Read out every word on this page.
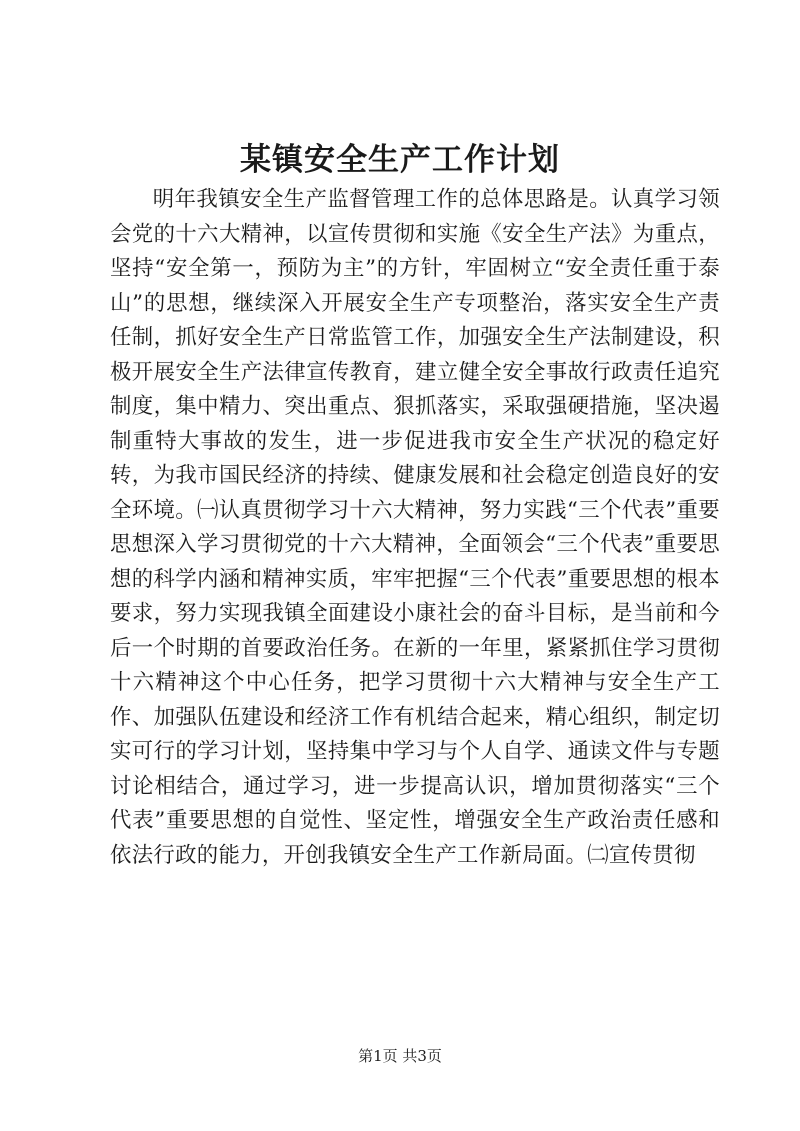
某镇安全生产工作计划

明年我镇安全生产监督管理工作的总体思路是。认真学习领会党的十六大精神，以宣传贯彻和实施《安全生产法》为重点，坚持“安全第一，预防为主”的方针，牢固树立“安全责任重于泰山”的思想，继续深入开展安全生产专项整治，落实安全生产责任制，抓好安全生产日常监管工作，加强安全生产法制建设，积极开展安全生产法律宣传教育，建立健全安全事故行政责任追究制度，集中精力、突出重点、狠抓落实，采取强硬措施，坚决遏制重特大事故的发生，进一步促进我市安全生产状况的稳定好转，为我市国民经济的持续、健康发展和社会稳定创造良好的安全环境。㈠认真贯彻学习十六大精神，努力实践“三个代表”重要思想深入学习贯彻党的十六大精神，全面领会“三个代表”重要思想的科学内涵和精神实质，牢牢把握“三个代表”重要思想的根本要求，努力实现我镇全面建设小康社会的奋斗目标，是当前和今后一个时期的首要政治任务。在新的一年里，紧紧抓住学习贯彻十六精神这个中心任务，把学习贯彻十六大精神与安全生产工作、加强队伍建设和经济工作有机结合起来，精心组织，制定切实可行的学习计划，坚持集中学习与个人自学、通读文件与专题讨论相结合，通过学习，进一步提高认识，增加贯彻落实“三个代表”重要思想的自觉性、坚定性，增强安全生产政治责任感和依法行政的能力，开创我镇安全生产工作新局面。㈡宣传贯彻

第1页 共3页
